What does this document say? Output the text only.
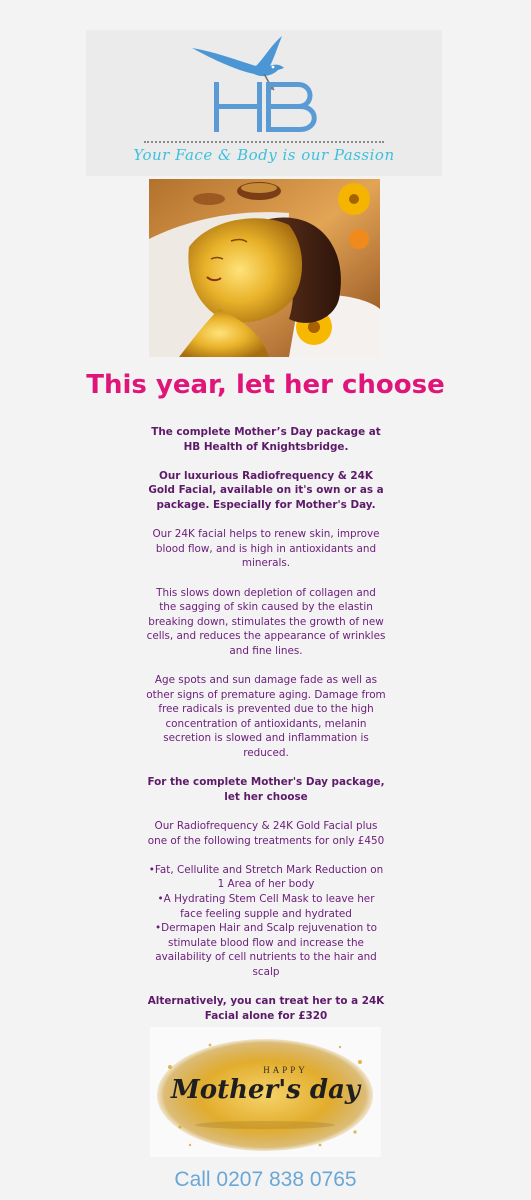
Your Face & Body is our Passion
This year, let her choose

The complete Mother’s Day package at HB Health of Knightsbridge.

Our luxurious Radiofrequency & 24K Gold Facial, available on it's own or as a package. Especially for Mother's Day.

Our 24K facial helps to renew skin, improve blood flow, and is high in antioxidants and minerals.

This slows down depletion of collagen and the sagging of skin caused by the elastin breaking down, stimulates the growth of new cells, and reduces the appearance of wrinkles and fine lines.

Age spots and sun damage fade as well as other signs of premature aging. Damage from free radicals is prevented due to the high concentration of antioxidants, melanin secretion is slowed and inflammation is reduced.

For the complete Mother's Day package, let her choose

Our Radiofrequency & 24K Gold Facial plus one of the following treatments for only £450

•Fat, Cellulite and Stretch Mark Reduction on 1 Area of her body

•A Hydrating Stem Cell Mask to leave her face feeling supple and hydrated

•Dermapen Hair and Scalp rejuvenation to stimulate blood flow and increase the availability of cell nutrients to the hair and scalp

Alternatively, you can treat her to a 24K Facial alone for £320

HAPPY
Mother's day
Call 0207 838 0765
